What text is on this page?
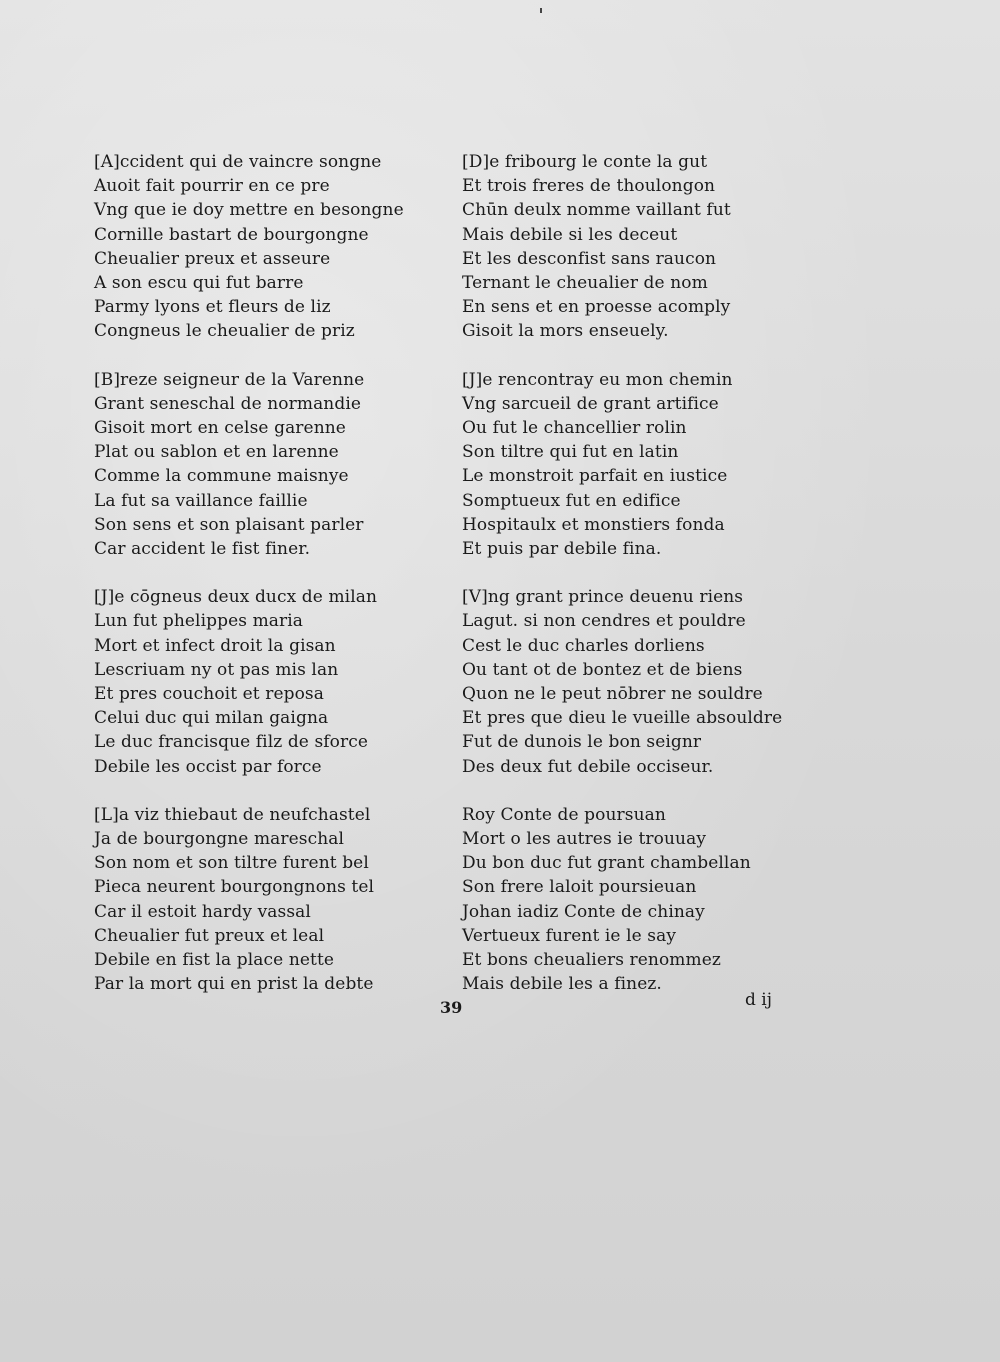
[A]ccident qui de vaincre songne
Auoit fait pourrir en ce pre
Vng que ie doy mettre en besongne
Cornille bastart de bourgongne
Cheualier preux et asseure
A son escu qui fut barre
Parmy lyons et fleurs de liz
Congneus le cheualier de priz
[B]reze seigneur de la Varenne
Grant seneschal de normandie
Gisoit mort en celse garenne
Plat ou sablon et en larenne
Comme la commune maisnye
La fut sa vaillance faillie
Son sens et son plaisant parler
Car accident le fist finer.
[J]e cōgneus deux ducx de milan
Lun fut phelippes maria
Mort et infect droit la gisan
Lescriuam ny ot pas mis lan
Et pres couchoit et reposa
Celui duc qui milan gaigna
Le duc francisque filz de sforce
Debile les occist par force
[L]a viz thiebaut de neufchastel
Ja de bourgongne mareschal
Son nom et son tiltre furent bel
Pieca neurent bourgongnons tel
Car il estoit hardy vassal
Cheualier fut preux et leal
Debile en fist la place nette
Par la mort qui en prist la debte
[D]e fribourg le conte la gut
Et trois freres de thoulongon
Chūn deulx nomme vaillant fut
Mais debile si les deceut
Et les desconfist sans raucon
Ternant le cheualier de nom
En sens et en proesse acomply
Gisoit la mors enseuely.
[J]e rencontray eu mon chemin
Vng sarcueil de grant artifice
Ou fut le chancellier rolin
Son tiltre qui fut en latin
Le monstroit parfait en iustice
Somptueux fut en edifice
Hospitaulx et monstiers fonda
Et puis par debile fina.
[V]ng grant prince deuenu riens
Lagut. si non cendres et pouldre
Cest le duc charles dorliens
Ou tant ot de bontez et de biens
Quon ne le peut nōbrer ne souldre
Et pres que dieu le vueille absouldre
Fut de dunois le bon seignr
Des deux fut debile occiseur.
Roy Conte de poursuan
Mort o les autres ie trouuay
Du bon duc fut grant chambellan
Son frere laloit poursieuan
Johan iadiz Conte de chinay
Vertueux furent ie le say
Et bons cheualiers renommez
Mais debile les a finez.
39	d ij
